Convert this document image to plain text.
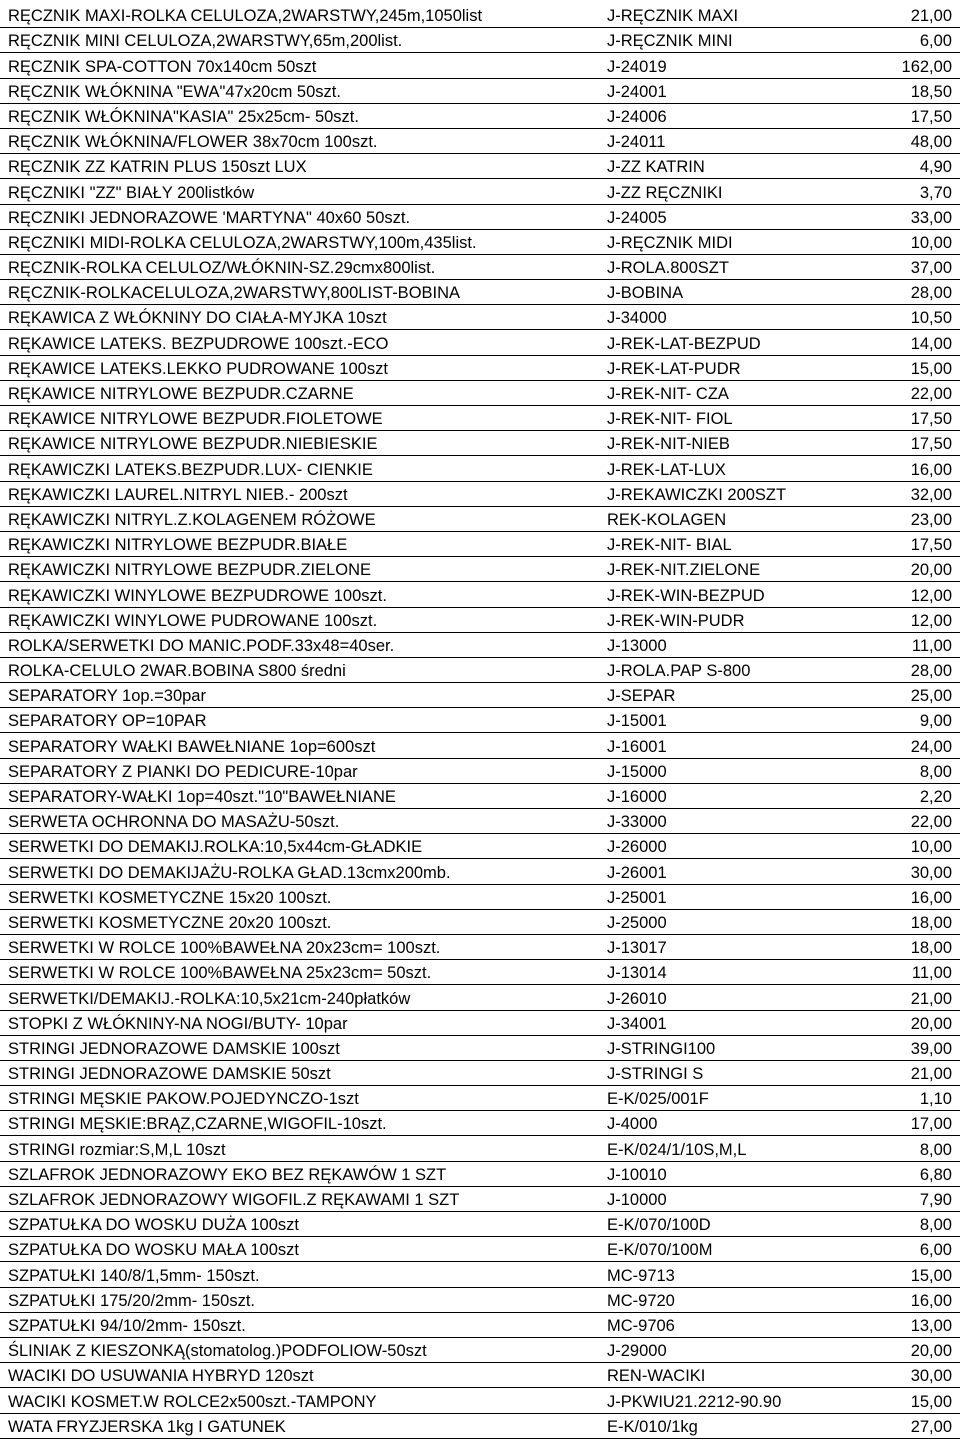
RĘCZNIK MAXI-ROLKA CELULOZA,2WARSTWY,245m,1050list	J-RĘCZNIK MAXI	21,00
RĘCZNIK MINI CELULOZA,2WARSTWY,65m,200list.	J-RĘCZNIK MINI	6,00
RĘCZNIK SPA-COTTON 70x140cm 50szt	J-24019	162,00
RĘCZNIK WŁÓKNINA "EWA"47x20cm 50szt.	J-24001	18,50
RĘCZNIK WŁÓKNINA"KASIA" 25x25cm- 50szt.	J-24006	17,50
RĘCZNIK WŁÓKNINA/FLOWER 38x70cm 100szt.	J-24011	48,00
RĘCZNIK ZZ KATRIN PLUS 150szt LUX	J-ZZ KATRIN	4,90
RĘCZNIKI "ZZ" BIAŁY 200listków	J-ZZ RĘCZNIKI	3,70
RĘCZNIKI JEDNORAZOWE 'MARTYNA" 40x60 50szt.	J-24005	33,00
RĘCZNIKI MIDI-ROLKA CELULOZA,2WARSTWY,100m,435list.	J-RĘCZNIK MIDI	10,00
RĘCZNIK-ROLKA CELULOZ/WŁÓKNIN-SZ.29cmx800list.	J-ROLA.800SZT	37,00
RĘCZNIK-ROLKACELULOZA,2WARSTWY,800LIST-BOBINA	J-BOBINA	28,00
RĘKAWICA Z WŁÓKNINY DO CIAŁA-MYJKA 10szt	J-34000	10,50
RĘKAWICE LATEKS. BEZPUDROWE 100szt.-ECO	J-REK-LAT-BEZPUD	14,00
RĘKAWICE LATEKS.LEKKO PUDROWANE 100szt	J-REK-LAT-PUDR	15,00
RĘKAWICE NITRYLOWE BEZPUDR.CZARNE	J-REK-NIT- CZA	22,00
RĘKAWICE NITRYLOWE BEZPUDR.FIOLETOWE	J-REK-NIT- FIOL	17,50
RĘKAWICE NITRYLOWE BEZPUDR.NIEBIESKIE	J-REK-NIT-NIEB	17,50
RĘKAWICZKI LATEKS.BEZPUDR.LUX- CIENKIE	J-REK-LAT-LUX	16,00
RĘKAWICZKI LAUREL.NITRYL NIEB.- 200szt	J-REKAWICZKI 200SZT	32,00
RĘKAWICZKI NITRYL.Z.KOLAGENEM RÓŻOWE	REK-KOLAGEN	23,00
RĘKAWICZKI NITRYLOWE BEZPUDR.BIAŁE	J-REK-NIT- BIAL	17,50
RĘKAWICZKI NITRYLOWE BEZPUDR.ZIELONE	J-REK-NIT.ZIELONE	20,00
RĘKAWICZKI WINYLOWE BEZPUDROWE 100szt.	J-REK-WIN-BEZPUD	12,00
RĘKAWICZKI WINYLOWE PUDROWANE 100szt.	J-REK-WIN-PUDR	12,00
ROLKA/SERWETKI DO MANIC.PODF.33x48=40ser.	J-13000	11,00
ROLKA-CELULO 2WAR.BOBINA S800 średni	J-ROLA.PAP S-800	28,00
SEPARATORY 1op.=30par	J-SEPAR	25,00
SEPARATORY OP=10PAR	J-15001	9,00
SEPARATORY WAŁKI BAWEŁNIANE 1op=600szt	J-16001	24,00
SEPARATORY Z PIANKI DO PEDICURE-10par	J-15000	8,00
SEPARATORY-WAŁKI 1op=40szt."10"BAWEŁNIANE	J-16000	2,20
SERWETA OCHRONNA DO MASAŻU-50szt.	J-33000	22,00
SERWETKI DO DEMAKIJ.ROLKA:10,5x44cm-GŁADKIE	J-26000	10,00
SERWETKI DO DEMAKIJAŻU-ROLKA GŁAD.13cmx200mb.	J-26001	30,00
SERWETKI KOSMETYCZNE 15x20 100szt.	J-25001	16,00
SERWETKI KOSMETYCZNE 20x20 100szt.	J-25000	18,00
SERWETKI W ROLCE 100%BAWEŁNA 20x23cm= 100szt.	J-13017	18,00
SERWETKI W ROLCE 100%BAWEŁNA 25x23cm= 50szt.	J-13014	11,00
SERWETKI/DEMAKIJ.-ROLKA:10,5x21cm-240płatków	J-26010	21,00
STOPKI Z WŁÓKNINY-NA NOGI/BUTY- 10par	J-34001	20,00
STRINGI JEDNORAZOWE DAMSKIE 100szt	J-STRINGI100	39,00
STRINGI JEDNORAZOWE DAMSKIE 50szt	J-STRINGI S	21,00
STRINGI MĘSKIE PAKOW.POJEDYNCZO-1szt	E-K/025/001F	1,10
STRINGI MĘSKIE:BRĄZ,CZARNE,WIGOFIL-10szt.	J-4000	17,00
STRINGI rozmiar:S,M,L 10szt	E-K/024/1/10S,M,L	8,00
SZLAFROK JEDNORAZOWY EKO BEZ RĘKAWÓW 1 SZT	J-10010	6,80
SZLAFROK JEDNORAZOWY WIGOFIL.Z RĘKAWAMI 1 SZT	J-10000	7,90
SZPATUŁKA DO WOSKU DUŻA 100szt	E-K/070/100D	8,00
SZPATUŁKA DO WOSKU MAŁA 100szt	E-K/070/100M	6,00
SZPATUŁKI 140/8/1,5mm- 150szt.	MC-9713	15,00
SZPATUŁKI 175/20/2mm- 150szt.	MC-9720	16,00
SZPATUŁKI 94/10/2mm- 150szt.	MC-9706	13,00
ŚLINIAK Z KIESZONKĄ(stomatolog.)PODFOLIOW-50szt	J-29000	20,00
WACIKI DO USUWANIA HYBRYD 120szt	REN-WACIKI	30,00
WACIKI KOSMET.W ROLCE2x500szt.-TAMPONY	J-PKWIU21.2212-90.90	15,00
WATA FRYZJERSKA 1kg I GATUNEK	E-K/010/1kg	27,00
